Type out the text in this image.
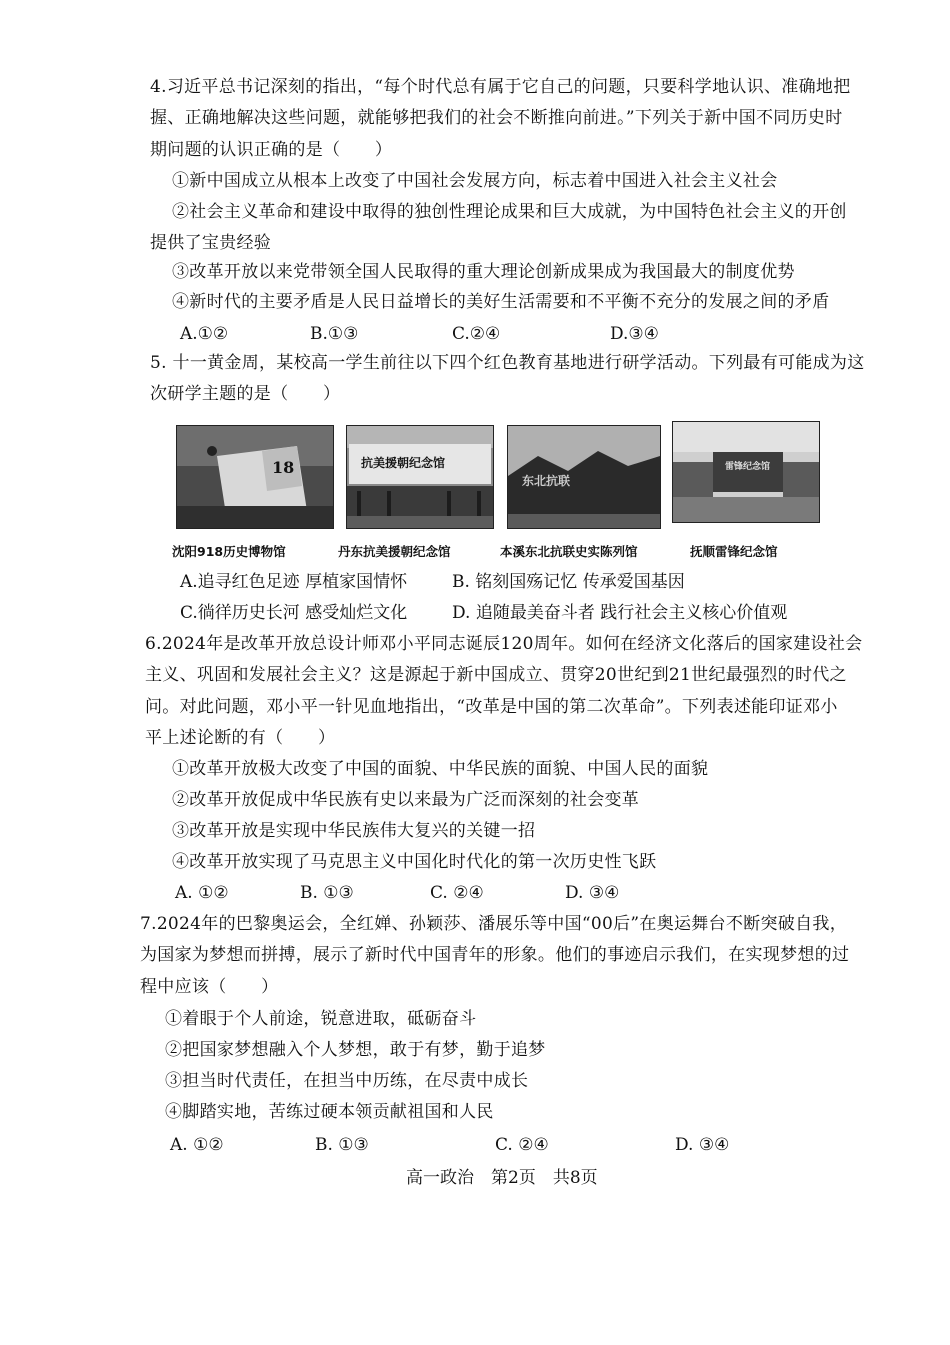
4.习近平总书记深刻的指出，“每个时代总有属于它自己的问题，只要科学地认识、准确地把
握、正确地解决这些问题，就能够把我们的社会不断推向前进。”下列关于新中国不同历史时
期问题的认识正确的是（　　）
①新中国成立从根本上改变了中国社会发展方向，标志着中国进入社会主义社会
②社会主义革命和建设中取得的独创性理论成果和巨大成就，为中国特色社会主义的开创
提供了宝贵经验
③改革开放以来党带领全国人民取得的重大理论创新成果成为我国最大的制度优势
④新时代的主要矛盾是人民日益增长的美好生活需要和不平衡不充分的发展之间的矛盾
A.①②	B.①③	C.②④	D.③④
5. 十一黄金周，某校高一学生前往以下四个红色教育基地进行研学活动。下列最有可能成为这
次研学主题的是（　　）
18	抗美援朝纪念馆
东北抗联
雷锋纪念馆
沈阳918历史博物馆	丹东抗美援朝纪念馆	本溪东北抗联史实陈列馆	抚顺雷锋纪念馆
A.追寻红色足迹 厚植家国情怀	B. 铭刻国殇记忆 传承爱国基因
C.徜徉历史长河 感受灿烂文化	D. 追随最美奋斗者 践行社会主义核心价值观
6.2024年是改革开放总设计师邓小平同志诞辰120周年。如何在经济文化落后的国家建设社会
主义、巩固和发展社会主义？这是源起于新中国成立、贯穿20世纪到21世纪最强烈的时代之
问。对此问题，邓小平一针见血地指出，“改革是中国的第二次革命”。下列表述能印证邓小
平上述论断的有（　　）
①改革开放极大改变了中国的面貌、中华民族的面貌、中国人民的面貌
②改革开放促成中华民族有史以来最为广泛而深刻的社会变革
③改革开放是实现中华民族伟大复兴的关键一招
④改革开放实现了马克思主义中国化时代化的第一次历史性飞跃
A. ①②	B. ①③	C. ②④	D. ③④
7.2024年的巴黎奥运会，全红婵、孙颖莎、潘展乐等中国“00后”在奥运舞台不断突破自我，
为国家为梦想而拼搏，展示了新时代中国青年的形象。他们的事迹启示我们，在实现梦想的过
程中应该（　　）
①着眼于个人前途，锐意进取，砥砺奋斗
②把国家梦想融入个人梦想，敢于有梦，勤于追梦
③担当时代责任，在担当中历练，在尽责中成长
④脚踏实地，苦练过硬本领贡献祖国和人民
A. ①②	B. ①③	C. ②④	D. ③④
高一政治　第2页　共8页
